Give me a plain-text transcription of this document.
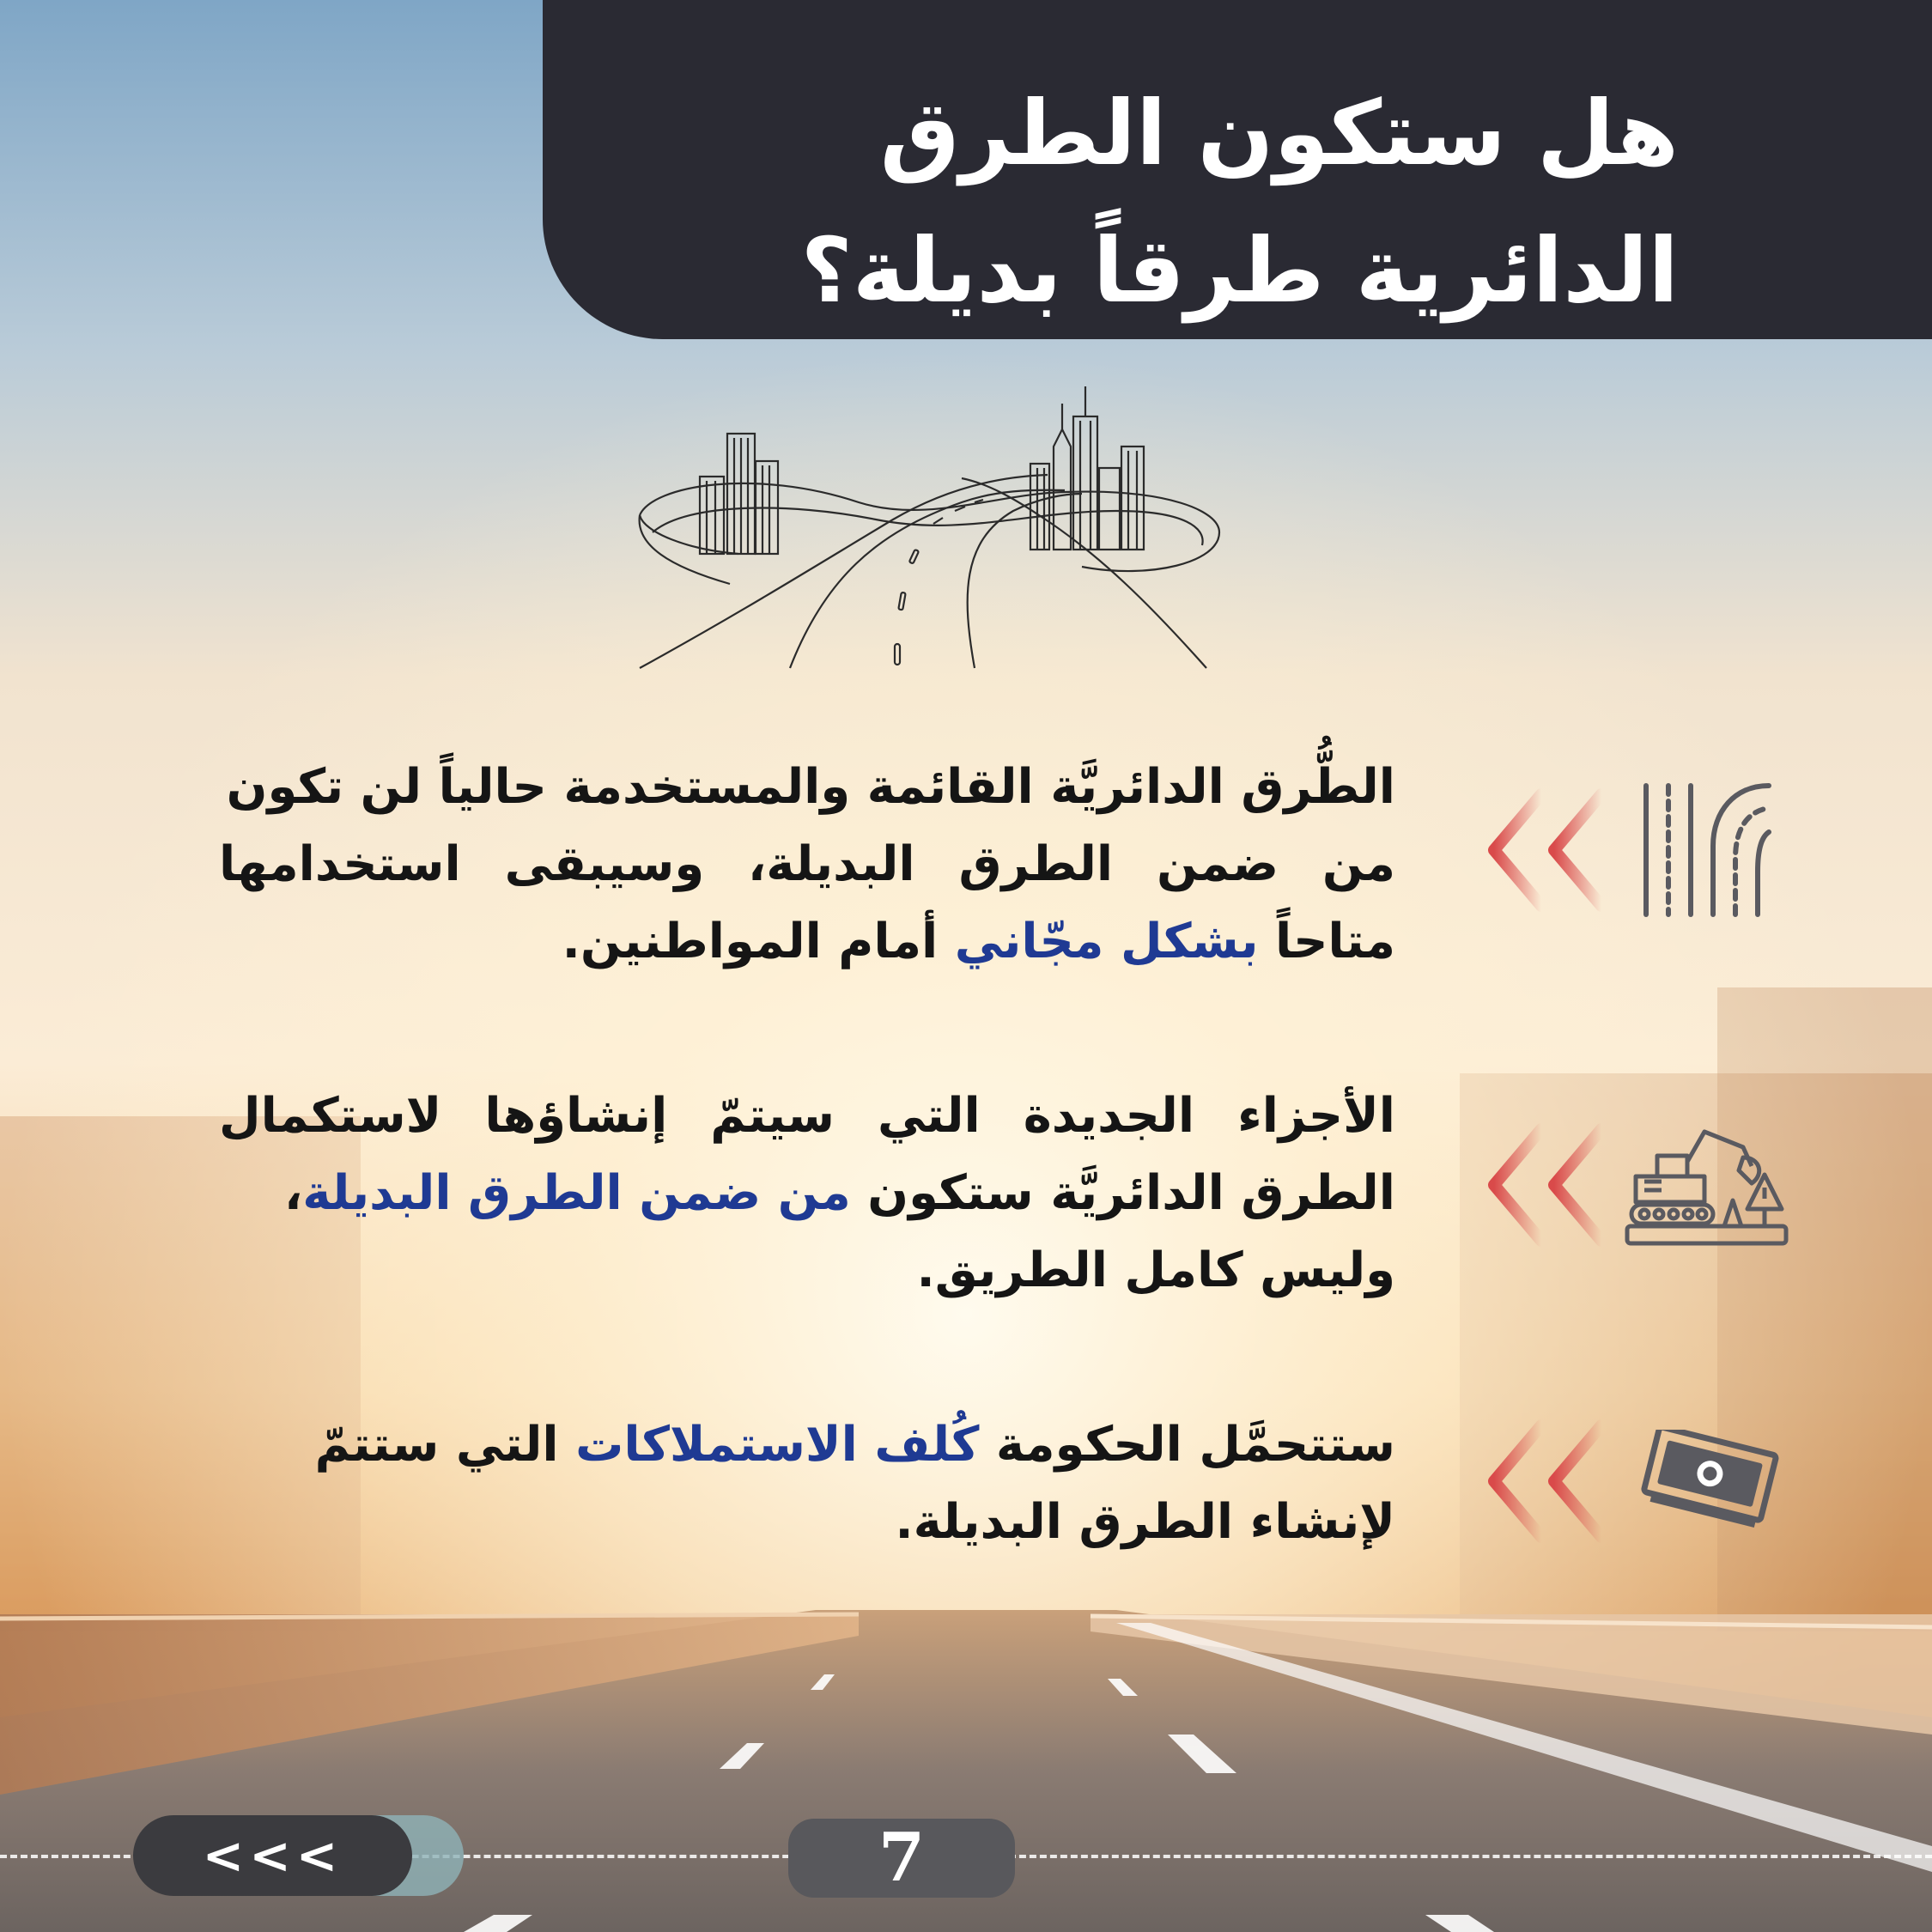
هل ستكون الطرق
الدائرية طرقاً بديلة؟

الطُّرق الدائريَّة القائمة والمستخدمة حالياً لن تكون

من ضمن الطرق البديلة، وسيبقى استخدامها

متاحاً بشكل مجّاني أمام المواطنين.

الأجزاء الجديدة التي سيتمّ إنشاؤها لاستكمال

الطرق الدائريَّة ستكون من ضمن الطرق البديلة،

وليس كامل الطريق.

ستتحمَّل الحكومة كُلف الاستملاكات التي ستتمّ

لإنشاء الطرق البديلة.

<<<	7
